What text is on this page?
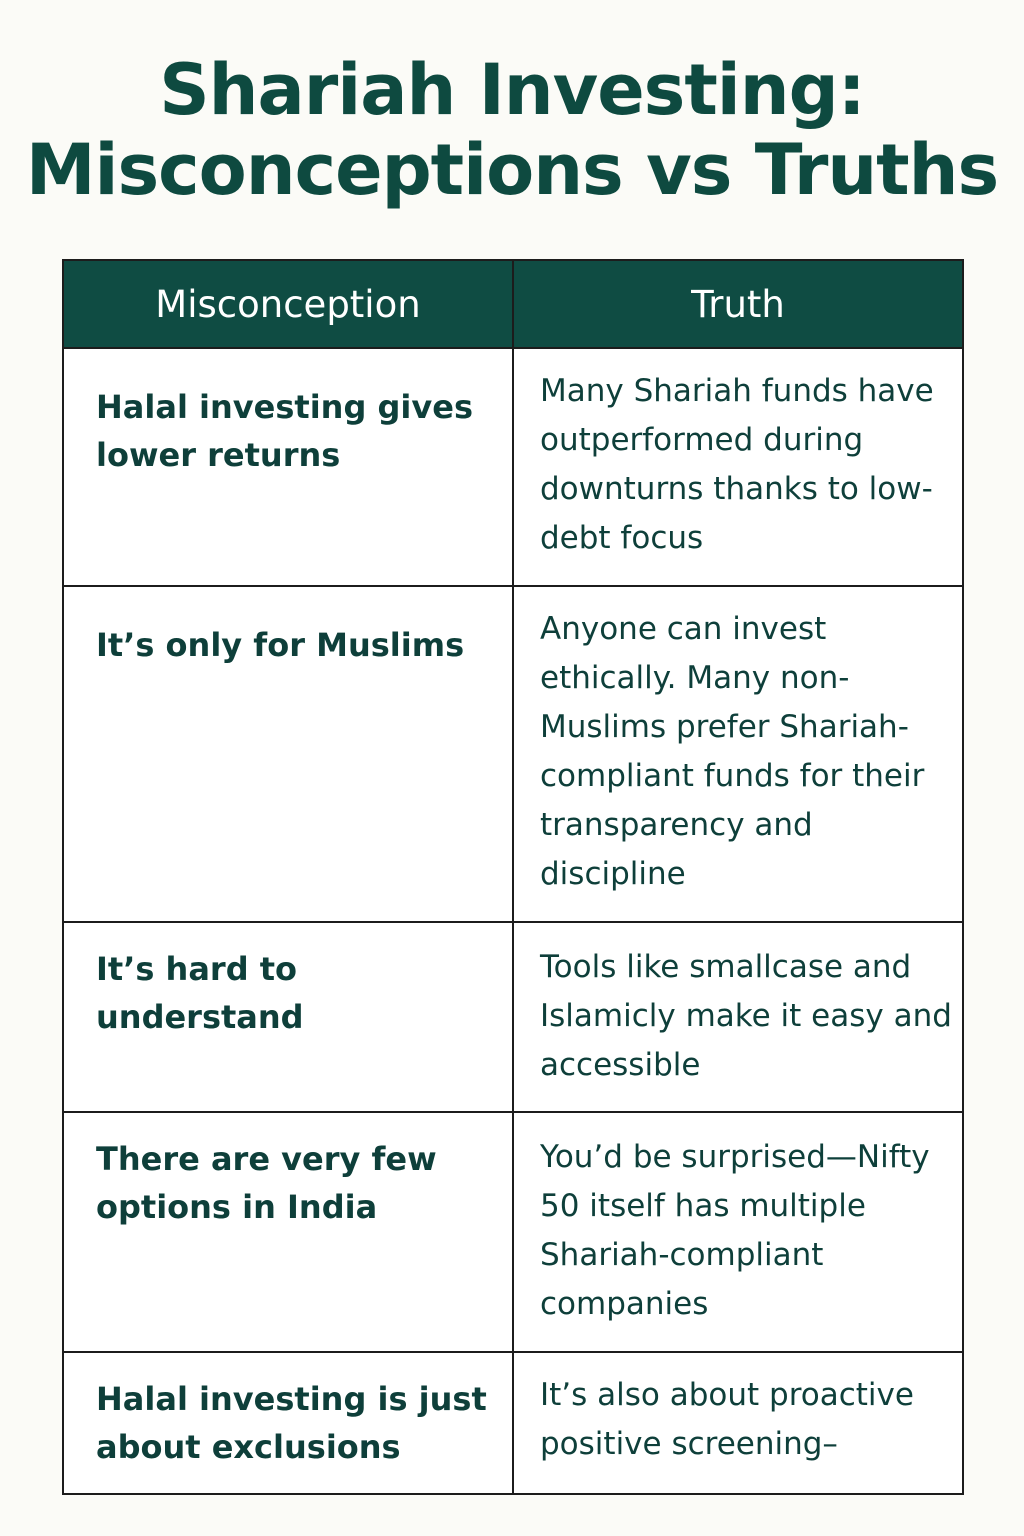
Shariah Investing:
Misconceptions vs Truths
Misconception	Truth

Halal investing gives lower returns	Many Shariah funds have outperformed during downturns thanks to low-debt focus

It’s only for Muslims	Anyone can invest ethically. Many non-Muslims prefer Shariah-compliant funds for their transparency and discipline

It’s hard to understand	Tools like smallcase and Islamicly make it easy and accessible

There are very few options in India	You’d be surprised—Nifty 50 itself has multiple Shariah-compliant companies

Halal investing is just about exclusions	It’s also about proactive positive screening–
